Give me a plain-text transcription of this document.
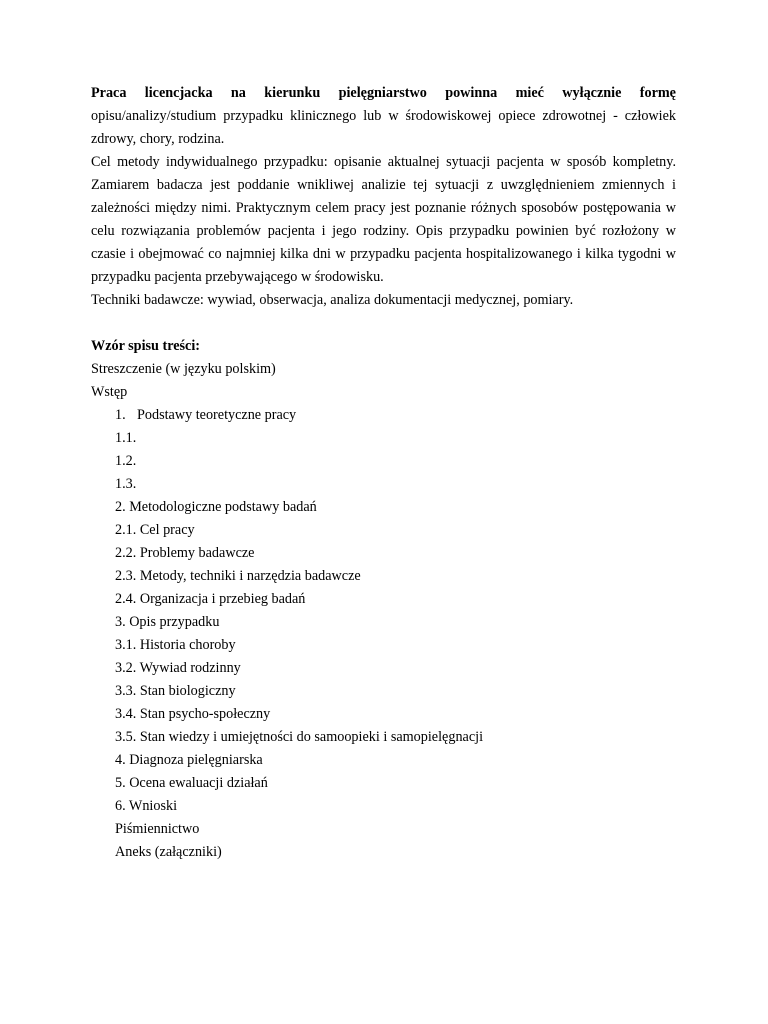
Praca licencjacka na kierunku pielęgniarstwo powinna mieć wyłącznie formę

opisu/analizy/studium przypadku klinicznego lub w środowiskowej opiece zdrowotnej - człowiek zdrowy, chory, rodzina.

Cel metody indywidualnego przypadku: opisanie aktualnej sytuacji pacjenta w sposób kompletny. Zamiarem badacza jest poddanie wnikliwej analizie tej sytuacji z uwzględnieniem zmiennych i zależności między nimi. Praktycznym celem pracy jest poznanie różnych sposobów postępowania w celu rozwiązania problemów pacjenta i jego rodziny. Opis przypadku powinien być rozłożony w czasie i obejmować co najmniej kilka dni w przypadku pacjenta hospitalizowanego i kilka tygodni w przypadku pacjenta przebywającego w środowisku.

Techniki badawcze: wywiad, obserwacja, analiza dokumentacji medycznej, pomiary.

Wzór spisu treści:

Streszczenie (w języku polskim)

Wstęp

1. Podstawy teoretyczne pracy

1.1.

1.2.

1.3.

2. Metodologiczne podstawy badań

2.1. Cel pracy

2.2. Problemy badawcze

2.3. Metody, techniki i narzędzia badawcze

2.4. Organizacja i przebieg badań

3. Opis przypadku

3.1. Historia choroby

3.2. Wywiad rodzinny

3.3. Stan biologiczny

3.4. Stan psycho-społeczny

3.5. Stan wiedzy i umiejętności do samoopieki i samopielęgnacji

4. Diagnoza pielęgniarska

5. Ocena ewaluacji działań

6. Wnioski

Piśmiennictwo

Aneks (załączniki)
